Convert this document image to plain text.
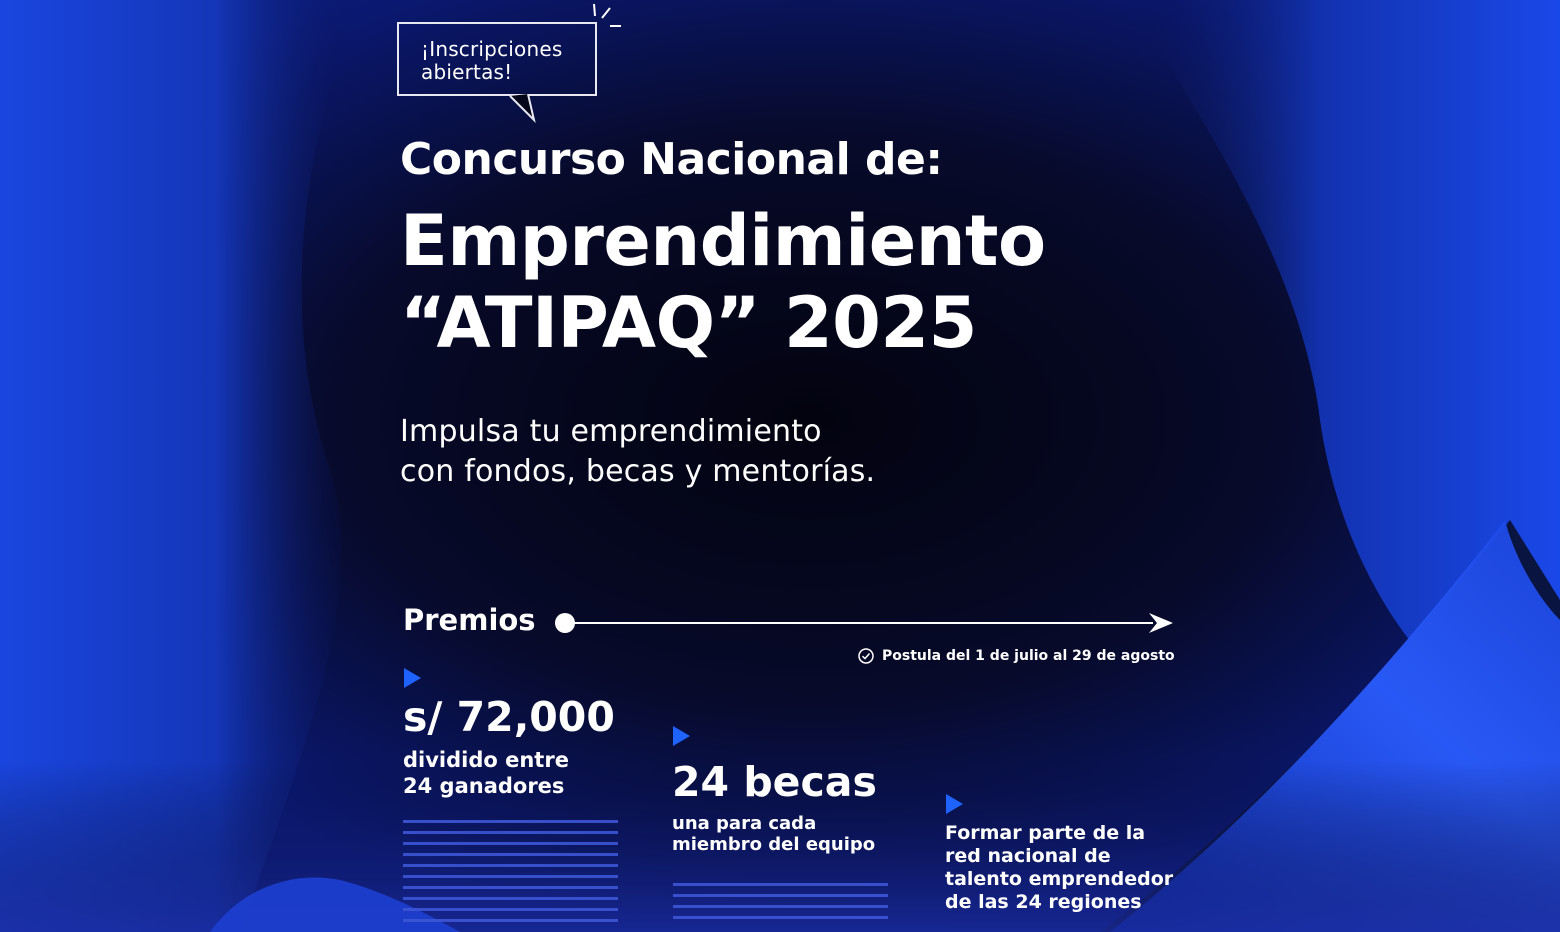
¡Inscripciones
abiertas!
Concurso Nacional de:
Emprendimiento
“ATIPAQ” 2025
Impulsa tu emprendimiento
con fondos, becas y mentorías.
Premios
Postula del 1 de julio al 29 de agosto
s/ 72,000
dividido entre
24 ganadores	24 becas
una para cada
miembro del equipo
Formar parte de la
red nacional de
talento emprendedor
de las 24 regiones
